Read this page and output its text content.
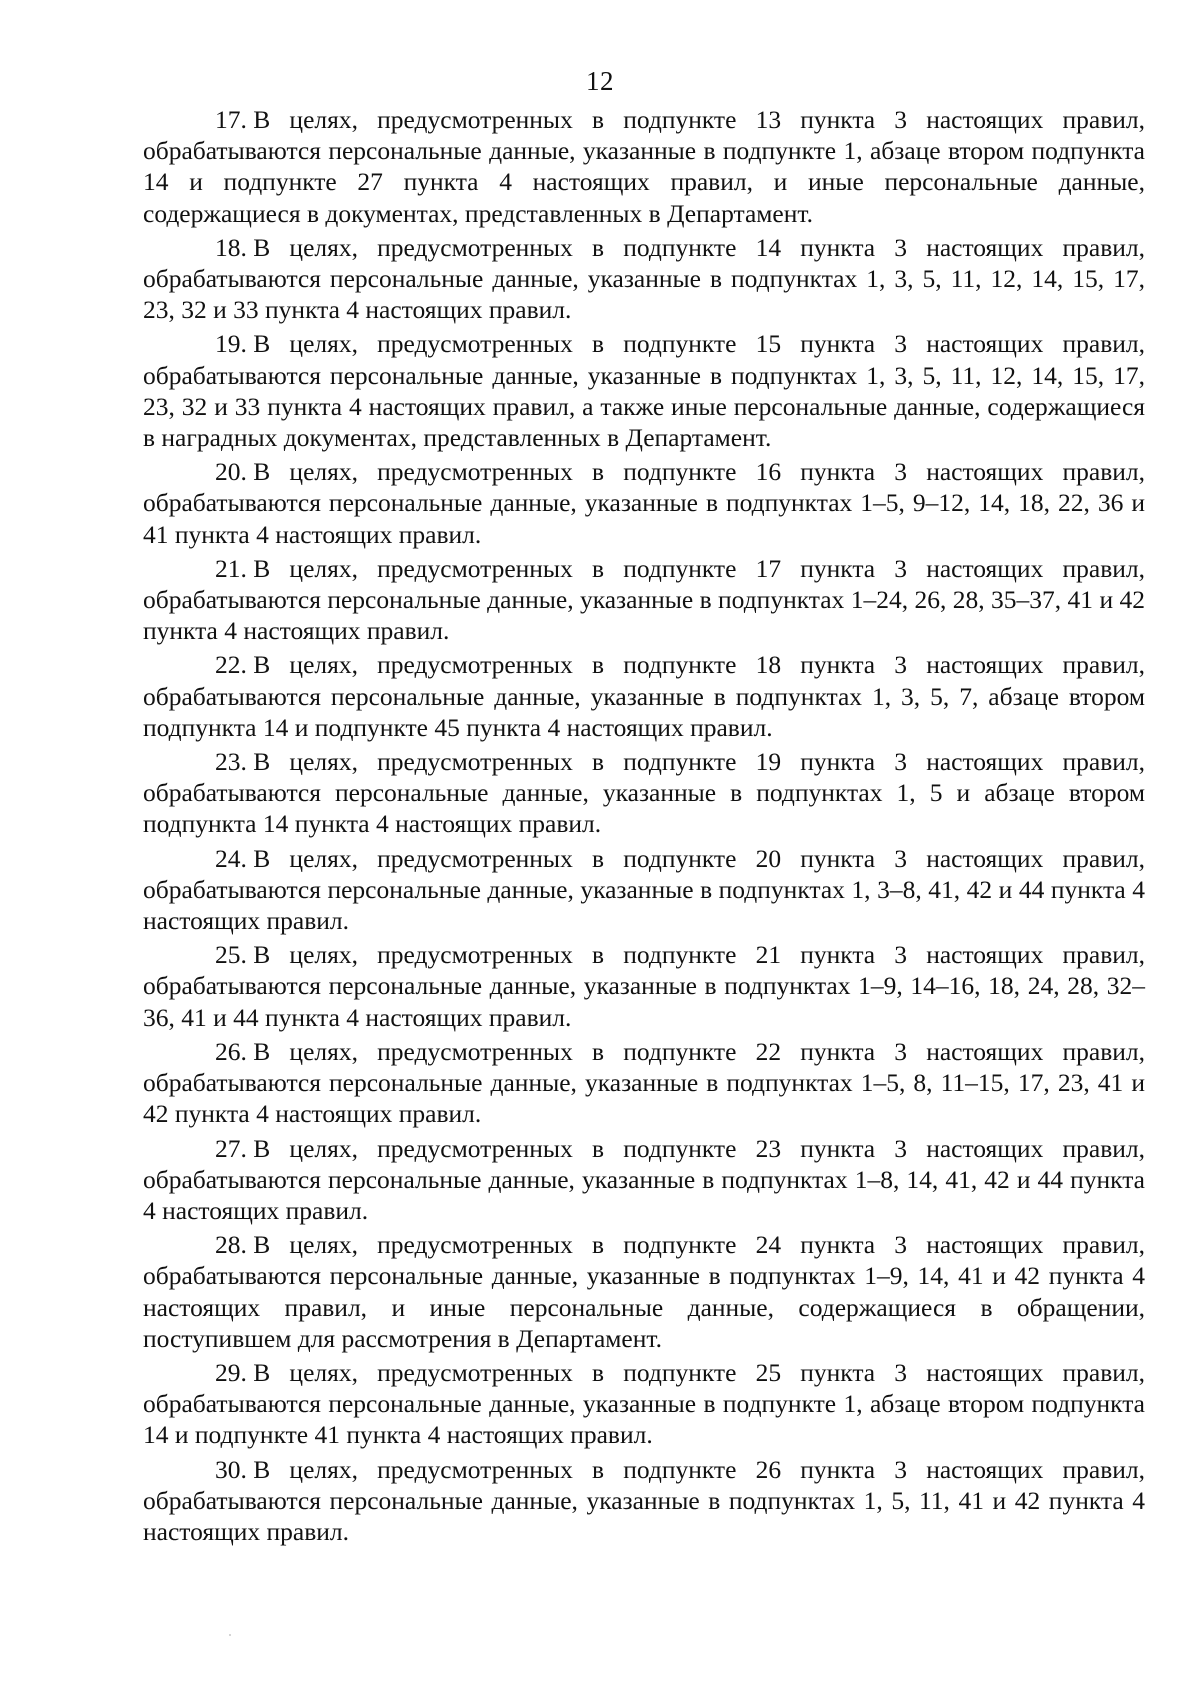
12

17. В целях, предусмотренных в подпункте 13 пункта 3 настоящих правил, обрабатываются персональные данные, указанные в подпункте 1, абзаце втором подпункта 14 и подпункте 27 пункта 4 настоящих правил, и иные персональные данные, содержащиеся в документах, представленных в Департамент.

18. В целях, предусмотренных в подпункте 14 пункта 3 настоящих правил, обрабатываются персональные данные, указанные в подпунктах 1, 3, 5, 11, 12, 14, 15, 17, 23, 32 и 33 пункта 4 настоящих правил.

19. В целях, предусмотренных в подпункте 15 пункта 3 настоящих правил, обрабатываются персональные данные, указанные в подпунктах 1, 3, 5, 11, 12, 14, 15, 17, 23, 32 и 33 пункта 4 настоящих правил, а также иные персональные данные, содержащиеся в наградных документах, представленных в Департамент.

20. В целях, предусмотренных в подпункте 16 пункта 3 настоящих правил, обрабатываются персональные данные, указанные в подпунктах 1–5, 9–12, 14, 18, 22, 36 и 41 пункта 4 настоящих правил.

21. В целях, предусмотренных в подпункте 17 пункта 3 настоящих правил, обрабатываются персональные данные, указанные в подпунктах 1–24, 26, 28, 35–37, 41 и 42 пункта 4 настоящих правил.

22. В целях, предусмотренных в подпункте 18 пункта 3 настоящих правил, обрабатываются персональные данные, указанные в подпунктах 1, 3, 5, 7, абзаце втором подпункта 14 и подпункте 45 пункта 4 настоящих правил.

23. В целях, предусмотренных в подпункте 19 пункта 3 настоящих правил, обрабатываются персональные данные, указанные в подпунктах 1, 5 и абзаце втором подпункта 14 пункта 4 настоящих правил.

24. В целях, предусмотренных в подпункте 20 пункта 3 настоящих правил, обрабатываются персональные данные, указанные в подпунктах 1, 3–8, 41, 42 и 44 пункта 4 настоящих правил.

25. В целях, предусмотренных в подпункте 21 пункта 3 настоящих правил, обрабатываются персональные данные, указанные в подпунктах 1–9, 14–16, 18, 24, 28, 32–36, 41 и 44 пункта 4 настоящих правил.

26. В целях, предусмотренных в подпункте 22 пункта 3 настоящих правил, обрабатываются персональные данные, указанные в подпунктах 1–5, 8, 11–15, 17, 23, 41 и 42 пункта 4 настоящих правил.

27. В целях, предусмотренных в подпункте 23 пункта 3 настоящих правил, обрабатываются персональные данные, указанные в подпунктах 1–8, 14, 41, 42 и 44 пункта 4 настоящих правил.

28. В целях, предусмотренных в подпункте 24 пункта 3 настоящих правил, обрабатываются персональные данные, указанные в подпунктах 1–9, 14, 41 и 42 пункта 4 настоящих правил, и иные персональные данные, содержащиеся в обращении, поступившем для рассмотрения в Департамент.

29. В целях, предусмотренных в подпункте 25 пункта 3 настоящих правил, обрабатываются персональные данные, указанные в подпункте 1, абзаце втором подпункта 14 и подпункте 41 пункта 4 настоящих правил.

30. В целях, предусмотренных в подпункте 26 пункта 3 настоящих правил, обрабатываются персональные данные, указанные в подпунктах 1, 5, 11, 41 и 42 пункта 4 настоящих правил.
